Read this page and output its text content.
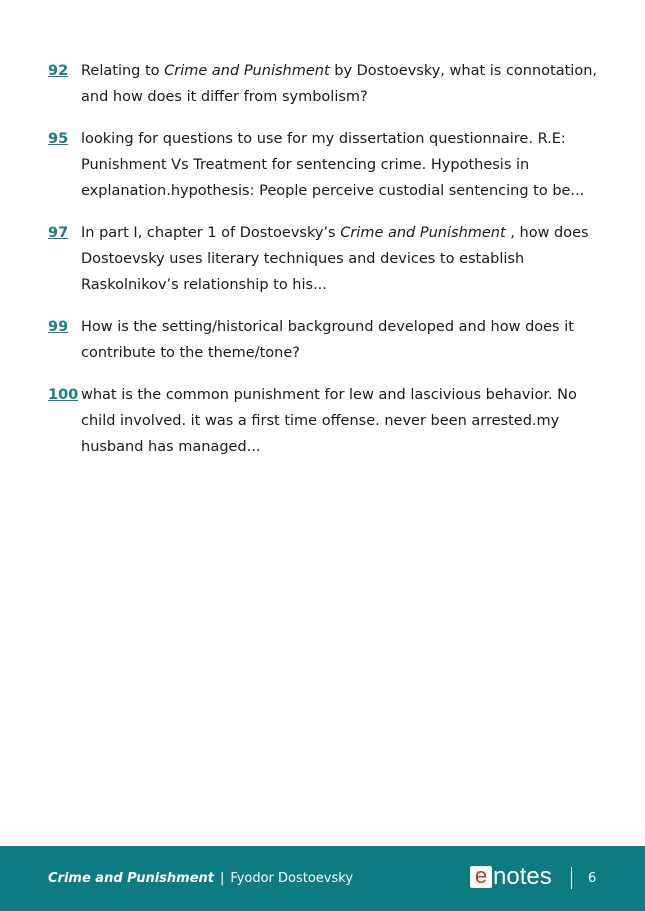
92 Relating to Crime and Punishment by Dostoevsky, what is connotation, and how does it differ from symbolism?
95 looking for questions to use for my dissertation questionnaire. R.E: Punishment Vs Treatment for sentencing crime. Hypothesis in explanation.hypothesis: People perceive custodial sentencing to be...
97 In part I, chapter 1 of Dostoevsky’s Crime and Punishment , how does Dostoevsky uses literary techniques and devices to establish Raskolnikov’s relationship to his...
99 How is the setting/historical background developed and how does it contribute to the theme/tone?
100 what is the common punishment for lew and lascivious behavior. No child involved. it was a first time offense. never been arrested.my husband has managed...
Crime and Punishment | Fyodor Dostoevsky	e notes	6
